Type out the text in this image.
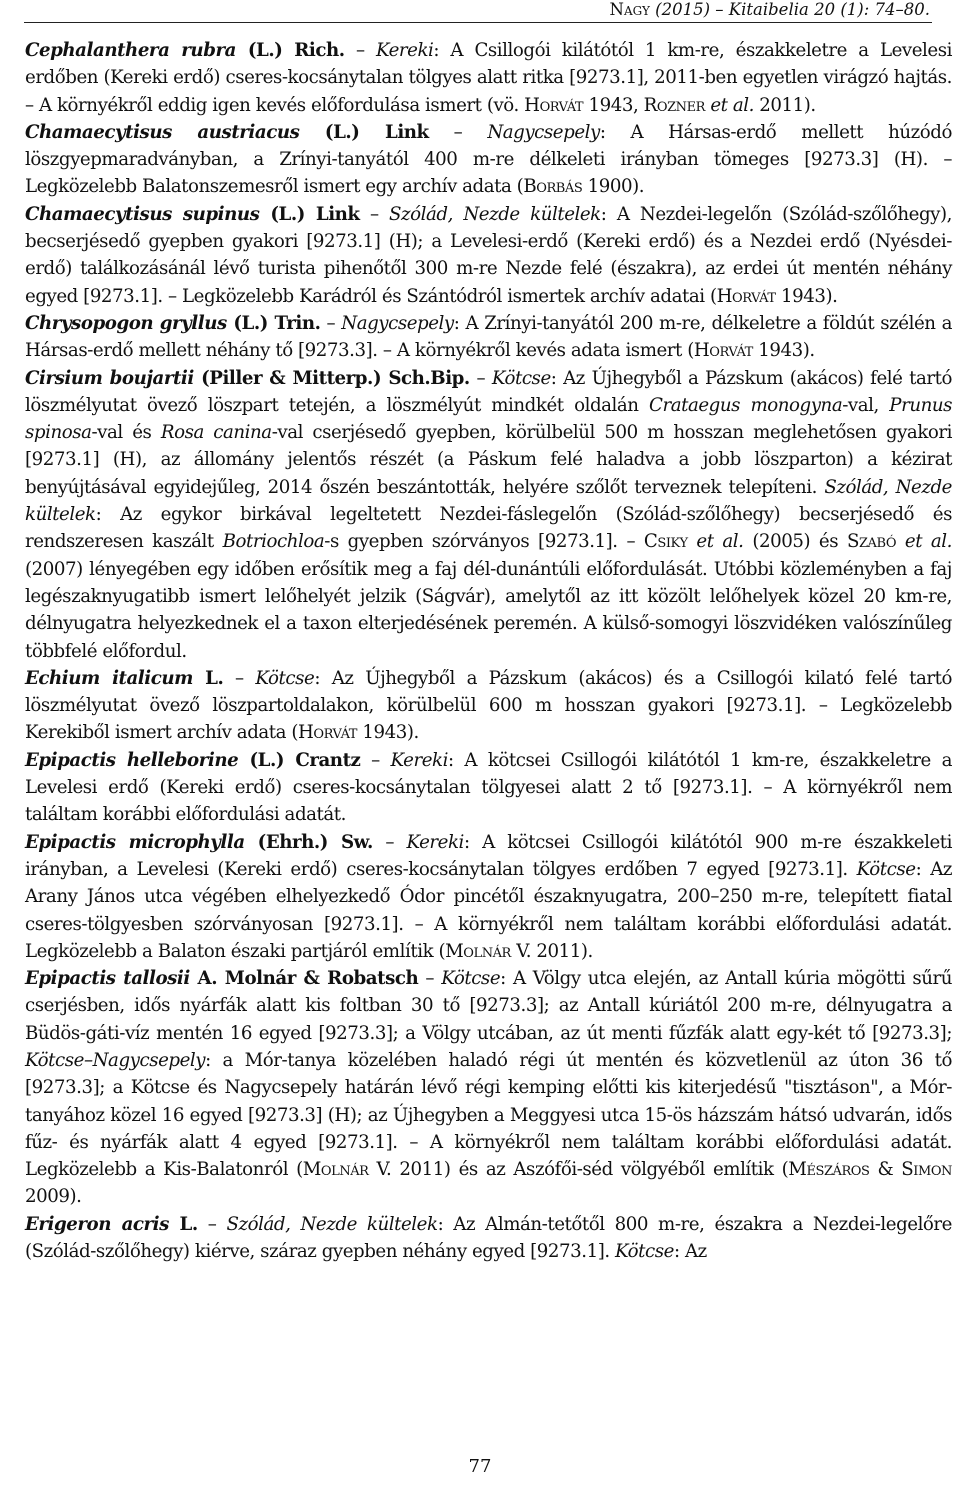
Nagy (2015) – Kitaibelia 20 (1): 74–80.

Cephalanthera rubra (L.) Rich. – Kereki: A Csillogói kilátótól 1 km-re, északkeletre a Levelesi erdőben (Kereki erdő) cseres-kocsánytalan tölgyes alatt ritka [9273.1], 2011-ben egyetlen virágzó hajtás. – A környékről eddig igen kevés előfordulása ismert (vö. Horvát 1943, Rozner et al. 2011).

Chamaecytisus austriacus (L.) Link – Nagycsepely: A Hársas-erdő mellett húzódó löszgyepmaradványban, a Zrínyi-tanyától 400 m-re délkeleti irányban tömeges [9273.3] (H). – Legközelebb Balatonszemesről ismert egy archív adata (Borbás 1900).

Chamaecytisus supinus (L.) Link – Szólád, Nezde kültelek: A Nezdei-legelőn (Szólád-szőlőhegy), becserjésedő gyepben gyakori [9273.1] (H); a Levelesi-erdő (Kereki erdő) és a Nezdei erdő (Nyésdei-erdő) találkozásánál lévő turista pihenőtől 300 m-re Nezde felé (északra), az erdei út mentén néhány egyed [9273.1]. – Legközelebb Karádról és Szántódról ismertek archív adatai (Horvát 1943).

Chrysopogon gryllus (L.) Trin. – Nagycsepely: A Zrínyi-tanyától 200 m-re, délkeletre a földút szélén a Hársas-erdő mellett néhány tő [9273.3]. – A környékről kevés adata ismert (Horvát 1943).

Cirsium boujartii (Piller & Mitterp.) Sch.Bip. – Kötcse: Az Újhegyből a Pázskum (akácos) felé tartó löszmélyutat övező löszpart tetején, a löszmélyút mindkét oldalán Crataegus monogyna-val, Prunus spinosa-val és Rosa canina-val cserjésedő gyepben, körülbelül 500 m hosszan meglehetősen gyakori [9273.1] (H), az állomány jelentős részét (a Páskum felé haladva a jobb löszparton) a kézirat benyújtásával egyidejűleg, 2014 őszén beszántották, helyére szőlőt terveznek telepíteni. Szólád, Nezde kültelek: Az egykor birkával legeltetett Nezdei-fáslegelőn (Szólád-szőlőhegy) becserjésedő és rendszeresen kaszált Botriochloa-s gyepben szórványos [9273.1]. – Csiky et al. (2005) és Szabó et al. (2007) lényegében egy időben erősítik meg a faj dél-dunántúli előfordulását. Utóbbi közleményben a faj legészaknyugatibb ismert lelőhelyét jelzik (Ságvár), amelytől az itt közölt lelőhelyek közel 20 km-re, délnyugatra helyezkednek el a taxon elterjedésének peremén. A külső-somogyi löszvidéken valószínűleg többfelé előfordul.

Echium italicum L. – Kötcse: Az Újhegyből a Pázskum (akácos) és a Csillogói kilató felé tartó löszmélyutat övező löszpartoldalakon, körülbelül 600 m hosszan gyakori [9273.1]. – Legközelebb Kerekiből ismert archív adata (Horvát 1943).

Epipactis helleborine (L.) Crantz – Kereki: A kötcsei Csillogói kilátótól 1 km-re, északkeletre a Levelesi erdő (Kereki erdő) cseres-kocsánytalan tölgyesei alatt 2 tő [9273.1]. – A környékről nem találtam korábbi előfordulási adatát.

Epipactis microphylla (Ehrh.) Sw. – Kereki: A kötcsei Csillogói kilátótól 900 m-re északkeleti irányban, a Levelesi (Kereki erdő) cseres-kocsánytalan tölgyes erdőben 7 egyed [9273.1]. Kötcse: Az Arany János utca végében elhelyezkedő Ódor pincétől északnyugatra, 200–250 m-re, telepített fiatal cseres-tölgyesben szórványosan [9273.1]. – A környékről nem találtam korábbi előfordulási adatát. Legközelebb a Balaton északi partjáról említik (Molnár V. 2011).

Epipactis tallosii A. Molnár & Robatsch – Kötcse: A Völgy utca elején, az Antall kúria mögötti sűrű cserjésben, idős nyárfák alatt kis foltban 30 tő [9273.3]; az Antall kúriától 200 m-re, délnyugatra a Büdös-gáti-víz mentén 16 egyed [9273.3]; a Völgy utcában, az út menti fűzfák alatt egy-két tő [9273.3]; Kötcse–Nagycsepely: a Mór-tanya közelében haladó régi út mentén és közvetlenül az úton 36 tő [9273.3]; a Kötcse és Nagycsepely határán lévő régi kemping előtti kis kiterjedésű "tisztáson", a Mór-tanyához közel 16 egyed [9273.3] (H); az Újhegyben a Meggyesi utca 15-ös házszám hátsó udvarán, idős fűz- és nyárfák alatt 4 egyed [9273.1]. – A környékről nem találtam korábbi előfordulási adatát. Legközelebb a Kis-Balatonról (Molnár V. 2011) és az Aszófői-séd völgyéből említik (Mészáros & Simon 2009).

Erigeron acris L. – Szólád, Nezde kültelek: Az Almán-tetőtől 800 m-re, északra a Nezdei-legelőre (Szólád-szőlőhegy) kiérve, száraz gyepben néhány egyed [9273.1]. Kötcse: Az

77
